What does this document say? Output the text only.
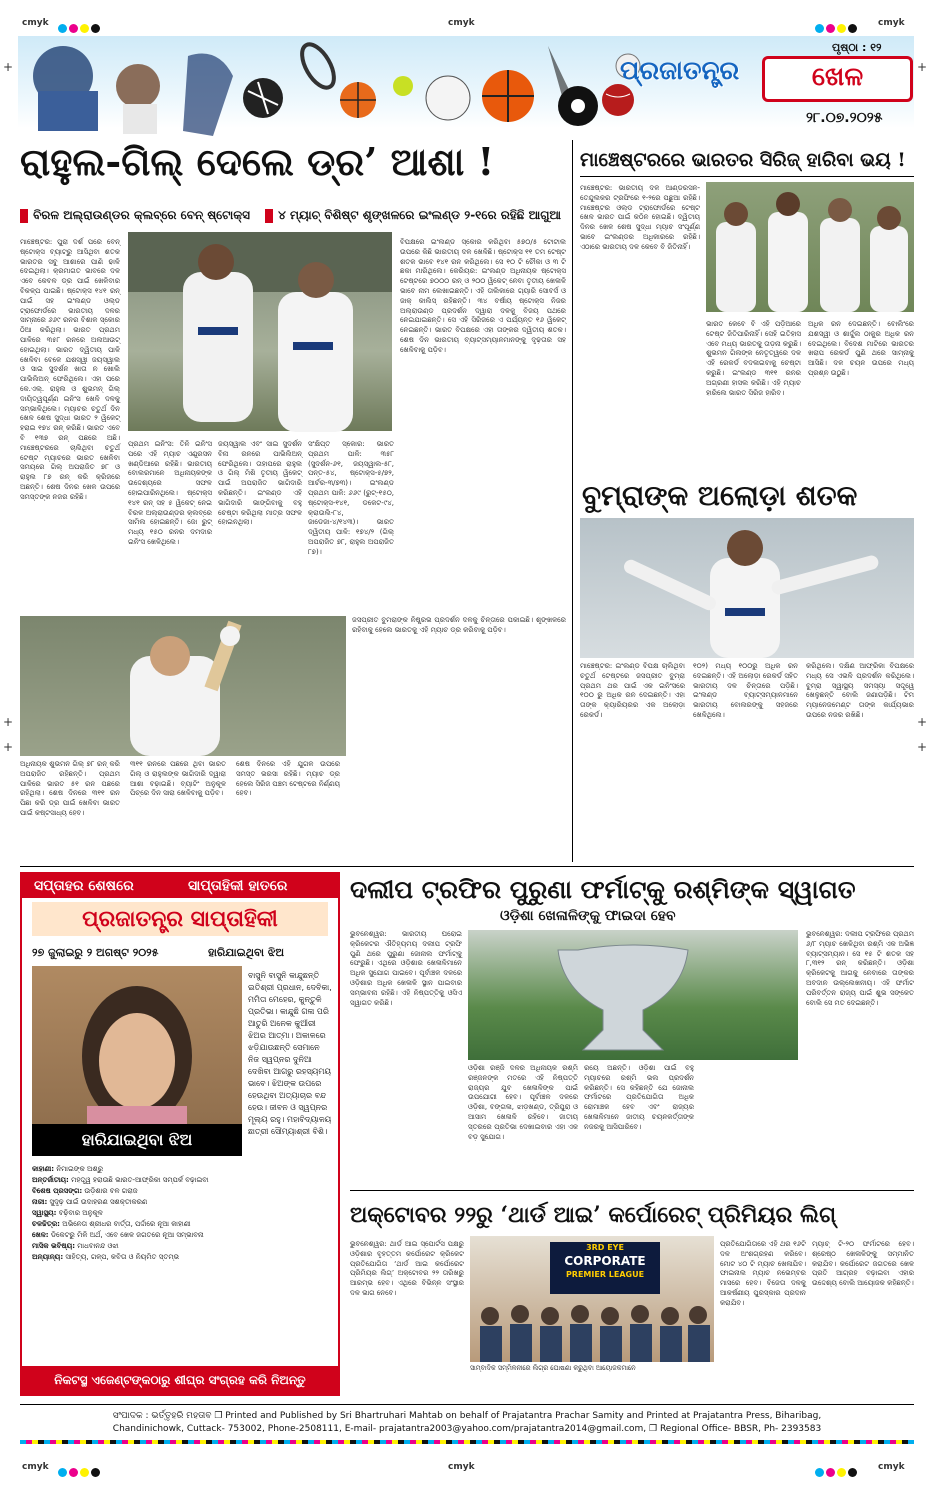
cmyk	cmyk	cmyk
+	+
+	+
+	+
ପ୍ରଜାତନ୍ତ୍ର	ଖେଳ
ପୃଷ୍ଠା : ୧୨
୨୮.୦୭.୨୦୨୫
ରାହୁଲ-ଗିଲ୍ ଦେଲେ ଡ୍ର’ ଆଶା !
ବିରଳ ଅଲ୍‌ରାଉଣ୍ଡର କ୍ଲବ୍‌ରେ ବେନ୍ ଷ୍ଟୋକ୍ସ ୪ ମ୍ୟାଚ୍ ବିଶିଷ୍ଟ ଶୃଙ୍ଖଳରେ ଇଂଲଣ୍ଡ ୨-୧ରେ ରହିଛି ଆଗୁଆ
ମାଞ୍ଚେଷ୍ଟର: ପୁରା ଦର୍ଶ ପରେ ବେନ୍ ଷ୍ଟୋକ୍ସ ବ୍ୟାଟ୍‌ରୁ ଆସିଥିବା ଶତକ ଭାରତର ସବୁ ଆଶାରେ ପାଣି ଢାଳି ଦେଇଥିଲା। କ୍ରମାଗତ ଭାବରେ ଦଳ ଏବେ କେବଳ ଡ୍ର ପାଇଁ ଖେଳିବାର ବିକଳ୍ପ ପାଇଛି। ଷ୍ଟୋକ୍ସ ୧୪୧ ରନ୍ ପାଇଁ ସହ ଇଂଲଣ୍ଡ ଓଲ୍ଡ ଟ୍ରାଫୋର୍ଡରେ ଭାରତୀୟ ଦଳର ସାମ୍ନାରେ ୬୬୯ ରନର ବିଶାଳ ସ୍କୋର ଠିଆ କରିଥିଲା। ଭାରତ ପ୍ରଥମ ପାଳିରେ ୩୫୮ ରନରେ ଅଲଆଉଟ୍ ହୋଇଥିଲା। ଭାରତ ଦ୍ୱିତୀୟ ପାଳି ଖେଳିବା ବେଳେ ଯଶସ୍ୱୀ ଜୟସ୍ୱାଲ ଓ ସାଇ ସୁଦର୍ଶନ ଖାତା ନ ଖୋଲି ପାଭିଲିଅନ୍ ଫେରିଥିଲେ। ଏହା ପରେ କେ.ଏଲ୍. ରାହୁଲ ଓ ଶୁଭମନ୍ ଗିଲ୍ ଦାୟିତ୍ୱପୂର୍ଣ୍ଣ ଇନିଂସ ଖେଳି ଦଳକୁ ସମ୍ଭାଳିଥିଲେ। ମ୍ୟାଚର ଚତୁର୍ଥ ଦିନ ଖେଳ ଶେଷ ସୁଦ୍ଧା ଭାରତ ୨ ୱିକେଟ୍ ହରାଇ ୧୭୪ ରନ୍ କରିଛି। ଭାରତ ଏବେ ବି ୧୩୭ ରନ୍ ପଛରେ ଅଛି।  ମାଞ୍ଚେଷ୍ଟରରେ ଚାଲିଥିବା ଚତୁର୍ଥ ଟେଷ୍ଟ ମ୍ୟାଚରେ ଭାରତ ଖେଳିବା ସମୟରେ ଗିଲ୍ ଅପରାଜିତ ୭୮ ଓ ରାହୁଲ ୮୭ ରନ୍ କରି କ୍ରିଜରେ ଅଛନ୍ତି। ଶେଷ ଦିନର ଖେଳ ଉପରେ ସମସ୍ତଙ୍କ ନଜର ରହିଛି।
ବିପକ୍ଷରେ ଇଂଲଣ୍ଡ ସ୍କୋର କରିଥିବା ୫୭୦/୫ ଟୋଟାଲ ଉପରେ କିଛି ଭାରତୀୟ ଦଳ ଖେଳିଛି। ଷ୍ଟୋକ୍ସ ୧୧ ତମ ଟେଷ୍ଟ ଶତକ ଭାବେ ୧୪୧ ରନ କରିଥିଲେ। ସେ ୧୦ ଟି ଚୌକା ଓ ୩ ଟି ଛକା ମାରିଥିଲେ। କେରିୟର: ଇଂଲଣ୍ଡ ଅଧିନାୟକ ଷ୍ଟୋକ୍ସ ଟେଷ୍ଟରେ ୭୦୦୦ ରନ୍ ଓ ୨୦୦ ୱିକେଟ୍ ନେବା ତୃତୀୟ ଖେଳାଳି ଭାବେ ନାମ ଲେଖାଇଛନ୍ତି। ଏହି ତାଲିକାରେ ଗ୍ୟାରି ସୋବର୍ସ ଓ ଜାକ୍ କାଲିସ୍ ରହିଛନ୍ତି। ୩୪ ବର୍ଷୀୟ ଷ୍ଟୋକ୍ସ ନିଜର ଅଲ୍‌ରାଉଣ୍ଡ ପ୍ରଦର୍ଶନ ଦ୍ୱାରା ଦଳକୁ ବିଜୟ ପଥରେ ନେଇଯାଇଛନ୍ତି। ସେ ଏହି ସିରିଜରେ ଏ ପର୍ଯ୍ୟନ୍ତ ୧୬ ୱିକେଟ୍ ନେଇଛନ୍ତି। ଭାରତ ବିପକ୍ଷରେ ଏହା ତାଙ୍କର ଦ୍ୱିତୀୟ ଶତକ। ଶେଷ ଦିନ ଭାରତୀୟ ବ୍ୟାଟ୍ସମ୍ୟାନମାନଙ୍କୁ ଦୃଢ଼ତାର ସହ ଖେଳିବାକୁ ପଡ଼ିବ।
ପ୍ରଥମ ଇନିଂସ: ତିନି ଇନିଂସ ପରେ ଏହି ମ୍ୟାଚ ଏଣ୍ଡ୍ରସନ ଖଣ୍ଡିଆରେ ରହିଛି। ଭାରତୀୟ ବୋଲରମାନେ ଅଧିନାୟକଙ୍କ ଉଦ୍ଦେଶ୍ୟରେ ସଫଳ ହୋଇପାରିନଥିଲେ। ଷ୍ଟୋକ୍ସ ୧୪୧ ରନ୍ ସହ ୫ ୱିକେଟ୍ ନେଇ ବିରଳ ଅଲ୍‌ରାଉଣ୍ଡର କ୍ଲବ୍‌ରେ ସାମିଲ ହୋଇଛନ୍ତି। ଜୋ ରୁଟ୍ ମଧ୍ୟ ୧୫୦ ରନର ଦମଦାର ଇନିଂସ ଖେଳିଥିଲେ।
ଜୟସ୍ୱାଲ ଏବଂ ସାଇ ସୁଦର୍ଶନ ବିନା ରନରେ ପାଭିଲିଅନ୍ ଫେରିଥିଲେ। ତାହାପରେ ରାହୁଲ ଓ ଗିଲ୍ ମିଶି ତୃତୀୟ ୱିକେଟ୍ ପାଇଁ ଅପରାଜିତ ଭାଗିଦାରି କରିଛନ୍ତି। ଇଂଲଣ୍ଡ ଏହି ଭାଗିଦାରି ଭାଙ୍ଗିବାକୁ ବହୁ ଚେଷ୍ଟା କରିଥିଲା ମାତ୍ର ସଫଳ ହୋଇନଥିଲା।
ସଂକ୍ଷିପ୍ତ ସ୍କୋର: ଭାରତ ପ୍ରଥମ ପାଳି: ୩୫୮ (ସୁଦର୍ଶନ-୬୧, ଜୟସ୍ୱାଲ-୫୮, ପନ୍ତ-୫୪, ଷ୍ଟୋକ୍ସ-୫/୭୨, ଆର୍ଚର-୩/୭୩)। ଇଂଲଣ୍ଡ ପ୍ରଥମ ପାଳି: ୬୬୯ (ରୁଟ୍-୧୫୦, ଷ୍ଟୋକ୍ସ-୧୪୧, ଡକେଟ-୯୪, କ୍ରାଉଲି-୮୪, ଜାଡେଜା-୪/୧୪୩)। ଭାରତ ଦ୍ୱିତୀୟ ପାଳି: ୧୭୪/୨ (ଗିଲ୍ ଅପରାଜିତ ୭୮, ରାହୁଲ ଅପରାଜିତ ୮୭)।
ଜସପ୍ରୀତ ବୁମରାଙ୍କ ନିଷ୍ପ୍ରଭ ପ୍ରଦର୍ଶନ ଦଳକୁ ଚିନ୍ତାରେ ପକାଇଛି। ଶୃଙ୍ଖଳରେ ରହିବାକୁ ହେଲେ ଭାରତକୁ ଏହି ମ୍ୟାଚ ଡ୍ର କରିବାକୁ ପଡ଼ିବ।
ଅଧିନାୟକ ଶୁଭମନ ଗିଲ୍ ୭୮ ରନ୍ କରି ଅପରାଜିତ ରହିଛନ୍ତି। ପ୍ରଥମ ପାଳିରେ ଭାରତ ୫୧ ରନ ପଛରେ ରହିଥିଲା। ଶେଷ ଦିନରେ ୩୧୧ ରନ ପିଛା କରି ଡ୍ର ପାଇଁ ଖେଳିବା ଭାରତ ପାଇଁ କଷ୍ଟସାଧ୍ୟ ହେବ।
୩୧୧ ରନରେ ପଛରେ ଥିବା ଭାରତ ଗିଲ୍ ଓ ରାହୁଲଙ୍କ ଭାଗିଦାରି ଦ୍ୱାରା ଆଶା ବଢ଼ାଇଛି। ବ୍ୟାଟିଂ ଅନୁକୂଳ ପିଚ୍‌ରେ ଦିନ ସାରା ଖେଳିବାକୁ ପଡ଼ିବ।
ଶେଷ ଦିନରେ ଏହି ଯୁଗଳ ଉପରେ ସମସ୍ତ ଭରସା ରହିଛି। ମ୍ୟାଚ ଡ୍ର ହେଲେ ସିରିଜ ପଞ୍ଚମ ଟେଷ୍ଟରେ ନିର୍ଣ୍ଣୟ ହେବ।
ମାଞ୍ଚେଷ୍ଟରରେ ଭାରତର ସିରିଜ୍ ହାରିବା ଭୟ !
ମାଞ୍ଚେଷ୍ଟର: ଭାରତୀୟ ଦଳ ଆଣ୍ଡରସନ-ତେନ୍ଦୁଲକର ଟ୍ରଫିରେ ୧-୨ରେ ପଛୁଆ ରହିଛି। ମାଞ୍ଚେଷ୍ଟର ଓଲ୍ଡ ଟ୍ରାଫୋର୍ଡରେ ଟେଷ୍ଟ ଖେଳ ଭାରତ ପାଇଁ କଠିନ ହୋଇଛି। ଦ୍ୱିତୀୟ ଦିନର ଖେଳ ଶେଷ ସୁଦ୍ଧା ମ୍ୟାଚ ସଂପୂର୍ଣ୍ଣ ଭାବେ ଇଂଲଣ୍ଡର ଅଧିକାରରେ ରହିଛି। ଏଠାରେ ଭାରତୀୟ ଦଳ କେବେ ବି ଜିତିନାହିଁ।
ଭାରତ କେବେ ବି ଏହି ପଡ଼ିଆରେ ଟେଷ୍ଟ ଜିତିପାରିନାହିଁ। ସେହି ଇତିହାସ ଏବେ ମଧ୍ୟ ଭାରତକୁ ତାଡ଼ନା କରୁଛି। ଶୁଭମନ ଗିଲଙ୍କ ନେତୃତ୍ୱରେ ଦଳ ଏହି ରେକର୍ଡ ବଦଳାଇବାକୁ ଚେଷ୍ଟା କରୁଛି। ଇଂଲଣ୍ଡ ୩୧୧ ରନର ଅଗ୍ରଣୀ ହାସଲ କରିଛି। ଏହି ମ୍ୟାଚ ହାରିଲେ ଭାରତ ସିରିଜ ହାରିବ।
ଅଧିକ ରନ ଦେଇଛନ୍ତି। ବୋଲିଂରେ ଯଶସ୍ୱୀ ଓ ଶାର୍ଦ୍ଦୁଲ ଠାକୁର ଅଧିକ ରନ ଦେଇଥିଲେ। ବିଦେଶ ମାଟିରେ ଭାରତର ଖରାପ ରେକର୍ଡ ପୁଣି ଥରେ ସାମ୍ନାକୁ ଆସିଛି। ଦଳ ଚୟନ ଉପରେ ମଧ୍ୟ ପ୍ରଶ୍ନ ଉଠୁଛି।
ବୁମ୍‌ରାଙ୍କ ଅଲୋଡ଼ା ଶତକ
ମାଞ୍ଚେଷ୍ଟର: ଇଂଲଣ୍ଡ ବିପକ୍ଷ ଚାଲିଥିବା ଚତୁର୍ଥ ଟେଷ୍ଟରେ ଜସପ୍ରୀତ ବୁମ୍‌ରା ପ୍ରଥମ ଥର ପାଇଁ ଏକ ଇନିଂସରେ ୧୦୦ ରୁ ଅଧିକ ରନ ଦେଇଛନ୍ତି। ଏହା ତାଙ୍କ କ୍ୟାରିୟରର ଏକ ଅଲୋଡ଼ା ରେକର୍ଡ।
୧୦୨) ମଧ୍ୟ ୧୦୦ରୁ ଅଧିକ ରନ ଦେଇଛନ୍ତି। ଏହି ଅଲୋଡ଼ା ରେକର୍ଡ ସହିତ ଭାରତୀୟ ଦଳ ଚିନ୍ତାରେ ପଡ଼ିଛି। ଇଂଲଣ୍ଡ ବ୍ୟାଟ୍ସମ୍ୟାନମାନେ ଭାରତୀୟ ବୋଲରଙ୍କୁ ସହଜରେ ଖେଳିଥିଲେ।
କରିଥିଲେ। ଦକ୍ଷିଣ ଆଫ୍ରିକା ବିପକ୍ଷରେ ମଧ୍ୟ ସେ ଏଭଳି ପ୍ରଦର୍ଶନ କରିଥିଲେ। ବୁମ୍‌ରା ସ୍ୱାସ୍ଥ୍ୟ ସମସ୍ୟା ସତ୍ତ୍ୱେ ଖେଳୁଛନ୍ତି ବୋଲି ଜଣାପଡ଼ିଛି। ଟିମ ମ୍ୟାନେଜମେଣ୍ଟ ତାଙ୍କ କାର୍ଯ୍ୟଭାର ଉପରେ ନଜର ରଖିଛି।
ସପ୍ତାହର ଶେଷରେ	ସାପ୍ତାହିକୀ ହାତରେ
ପ୍ରଜାତନ୍ତ୍ର ସାପ୍ତାହିକୀ
୨୭ ଜୁଲାଇରୁ ୨ ଅଗଷ୍ଟ ୨୦୨୫	ହାରିଯାଇଥିବା ଝିଅ
ହାରିଯାଇଥିବା ଝିଅ
ବାସୁନି ବାସୁନି କାନ୍ଦୁଛନ୍ତି ଇତିଶ୍ରୀ ପ୍ରଧାନ, ଦେବିକା, ମମିତା ମେହେର, କୁନ୍ତୁଳି ପ୍ରତିଭା। କାନ୍ଦୁଛି ଗଳା ପରି ଆତୁରି ଅନେକ କୁଆଁରୀ ଝିଅର ଆତ୍ମା। ଅକାଳରେ ଝଡ଼ିଯାଉଛନ୍ତି ସେମାନେ ନିଜ ସ୍ୱପ୍ନର ଦୁନିଆ ଦେଖିବା ଆଗରୁ ରହସ୍ୟମୟ ଭାବେ। ଝିଅଙ୍କ ଉପରେ ହେଉଥିବା ଅତ୍ୟାଚାର ବନ୍ଦ ହେଉ। ଜୀବନ ଓ ସ୍ୱପ୍ନର ମୂଲ୍ୟ ରହୁ। ମହାବିଦ୍ୟାଳୟ ଛାତ୍ରୀ ସୌମ୍ୟାଶ୍ରୀ ବିଶି।
କାହାଣୀ: ନିମାଇଙ୍କ ଅଶ୍ରୁ
ଅନ୍ତର୍ଜାତୀୟ: ମହତ୍ତ୍ୱ ହରାଉଛି ଭାରତ-ଆଫ୍ରିକା ସମ୍ପର୍କ ବଢ଼ାଇବା
ବିଶେଷ ପ୍ରସଙ୍ଗ: ଉଡ଼ିଶାର ବଳ ଗରାଜ
ନାରୀ: ସୁଦୃଢ଼ ପାଇଁ ଉଦାହରଣ ସଶକ୍ତୀକରଣ
ସ୍ୱାସ୍ଥ୍ୟ: ବଢ଼ିବାର ଅନୁକୂଳ
ଚଳଚ୍ଚିତ୍ର: ଅଭିନେତା ଶ୍ରୀଧର ବାର୍ତ୍ତା, ପର୍ଦ୍ଦାରେ ନୂଆ କାହାଣୀ
ଖେଳ: ଡିକେଟରୁ ମିଳି ଅର୍ଥ, ଏବେ ଖେଳ ଜଗତରେ ନୂଆ ସମ୍ଭାବନା
ମାସିକ ଭବିଷ୍ୟ: ମାଧବାନନ୍ଦ ଓଝା
ଅନ୍ୟାନ୍ୟ: ସାହିତ୍ୟ, ଗଳ୍ପ, କବିତା ଓ ନିୟମିତ ସ୍ତମ୍ଭ
ନିକଟସ୍ଥ ଏଜେଣ୍ଟଙ୍କଠାରୁ ଶୀଘ୍ର ସଂଗ୍ରହ କରି ନିଅନ୍ତୁ
ଦଲୀପ ଟ୍ରଫିର ପୁରୁଣା ଫର୍ମାଟ୍‌କୁ ରଶ୍ମିଙ୍କ ସ୍ୱାଗତ
ଓଡ଼ିଶା ଖେଳାଳିଙ୍କୁ ଫାଇଦା ହେବ
ଭୁବନେଶ୍ୱର: ଭାରତୀୟ ଘରୋଇ କ୍ରିକେଟର ଐତିହ୍ୟମୟ ଦଲୀପ ଟ୍ରଫି ପୁଣି ଥରେ ପୁରୁଣା ଜୋନାଲ ଫର୍ମାଟ୍‌କୁ ଫେରୁଛି। ଏଥିରେ ଓଡ଼ିଶାର ଖେଳାଳିମାନେ ଅଧିକ ସୁଯୋଗ ପାଇବେ। ପୂର୍ବାଞ୍ଚଳ ଦଳରେ ଓଡ଼ିଶାର ଅଧିକ ଖେଳାଳି ସ୍ଥାନ ପାଇବାର ସମ୍ଭାବନା ରହିଛି। ଏହି ନିଷ୍ପତ୍ତିକୁ ଓସିଏ ସ୍ୱାଗତ କରିଛି।
ଓଡ଼ିଶା ରଞ୍ଜି ଦଳର ଅଧିନାୟକ ରଶ୍ମି ରଞ୍ଜନଙ୍କ ମତରେ ଏହି ନିଷ୍ପତ୍ତି ରାଜ୍ୟର ଯୁବ ଖେଳାଳିଙ୍କ ପାଇଁ ଉପଯୋଗୀ ହେବ। ପୂର୍ବାଞ୍ଚଳ ଦଳରେ ଓଡ଼ିଶା, ବଙ୍ଗଳା, ଝାଡ଼ଖଣ୍ଡ, ତ୍ରିପୁରା ଓ ଆସାମ ଖେଳାଳି ରହିବେ। ଜାତୀୟ ସ୍ତରରେ ପ୍ରତିଭା ଦେଖାଇବାର ଏହା ଏକ ବଡ଼ ସୁଯୋଗ।
ରୟେ ଅଛନ୍ତି। ଓଡ଼ିଶା ପାଇଁ ବହୁ ମ୍ୟାଚରେ ରଶ୍ମି ଭଲ ପ୍ରଦର୍ଶନ କରିଛନ୍ତି। ସେ କହିଛନ୍ତି ଯେ ଜୋନାଲ ଫର୍ମାଟରେ ପ୍ରତିଯୋଗିତା ଅଧିକ ରୋମାଞ୍ଚକ ହେବ ଏବଂ ରାଜ୍ୟର ଖେଳାଳିମାନେ ଜାତୀୟ ଚୟନକର୍ତ୍ତାଙ୍କ ନଜରକୁ ଆସିପାରିବେ।
ଭୁବନେଶ୍ୱର: ଦଲୀପ ଟ୍ରଫିରେ ପ୍ରଥମ ୬/୮ ମ୍ୟାଚ ଖେଳିଥିବା ରଶ୍ମି ଏକ ଅଭିଜ୍ଞ ବ୍ୟାଟ୍ସମ୍ୟାନ। ସେ ୧୫ ଟି ଶତକ ସହ ୮,୩୧୨ ରନ୍ କରିଛନ୍ତି। ଓଡ଼ିଶା କ୍ରିକେଟକୁ ଆଗକୁ ନେବାରେ ତାଙ୍କର ଅବଦାନ ଉଲ୍ଲେଖନୀୟ। ଏହି ଫର୍ମାଟ ପରିବର୍ତ୍ତନ ରାଜ୍ୟ ପାଇଁ ଶୁଭ ସଙ୍କେତ ବୋଲି ସେ ମତ ଦେଇଛନ୍ତି।
ଅକ୍ଟୋବର ୨୨ରୁ ‘ଥାର୍ଡ ଆଇ’ କର୍ପୋରେଟ୍ ପ୍ରିମିୟର ଲିଗ୍
ଭୁବନେଶ୍ୱର: ଥାର୍ଡ ଆଇ ସ୍ପୋର୍ଟସ ପକ୍ଷରୁ ଓଡ଼ିଶାର ବୃହତ୍ତମ କର୍ପୋରେଟ କ୍ରିକେଟ ପ୍ରତିଯୋଗିତା ‘ଥାର୍ଡ ଆଇ କର୍ପୋରେଟ ପ୍ରିମିୟର ଲିଗ୍’ ଅକ୍ଟୋବର ୨୨ ତାରିଖରୁ ଆରମ୍ଭ ହେବ। ଏଥିରେ ବିଭିନ୍ନ ସଂସ୍ଥାର ଦଳ ଭାଗ ନେବେ।
3RD EYE
CORPORATE
PREMIER LEAGUE
ସାମ୍ବାଦିକ ସମ୍ମିଳନୀରେ ଲିଗ୍‌ର ଘୋଷଣା କରୁଥିବା ଆୟୋଜକମାନେ
ପ୍ରତିଯୋଗିତାରେ ଏହି ଥର ୧୬ଟି ଦଳ ଅଂଶଗ୍ରହଣ କରିବେ। ମୋଟ ୪୦ ଟି ମ୍ୟାଚ ଖେଳାଯିବ। ଫାଇନାଲ ମ୍ୟାଚ ନଭେମ୍ବର ମାସରେ ହେବ। ବିଜେତା ଦଳକୁ ଆକର୍ଷଣୀୟ ପୁରସ୍କାର ପ୍ରଦାନ କରାଯିବ।
ମ୍ୟାଚ୍ ଟି-୨୦ ଫର୍ମାଟରେ ହେବ। ଶ୍ରେଷ୍ଠ ଖେଳାଳିଙ୍କୁ ସମ୍ମାନିତ କରାଯିବ। କର୍ପୋରେଟ ଜଗତରେ ଖେଳ ପ୍ରତି ଆଗ୍ରହ ବଢ଼ାଇବା ଏହାର ଉଦ୍ଦେଶ୍ୟ ବୋଲି ଆୟୋଜକ କହିଛନ୍ତି।
ସଂପାଦକ : ଭର୍ତ୍ତୃହରି ମହତାବ ❒ Printed and Published by Sri Bhartruhari Mahtab on behalf of Prajatantra Prachar Samity and Printed at Prajatantra Press, Biharibag,
Chandinichowk, Cuttack- 753002, Phone-2508111, E-mail- prajatantra2003@yahoo.com/prajatantra2014@gmail.com, ❒ Regional Office- BBSR, Ph- 2393583
cmyk	cmyk	cmyk
